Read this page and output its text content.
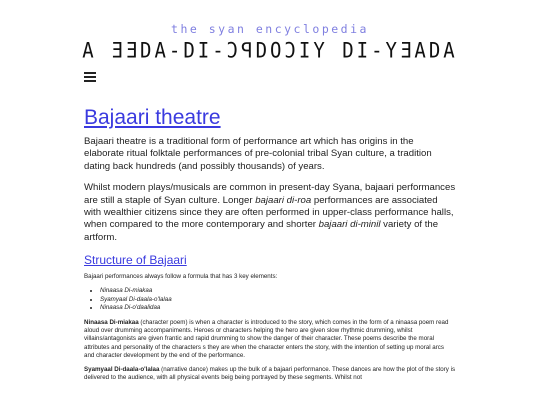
the syan encyclopedia
A ƎƎDA-DI-ƆꟼDOƆIY DI-YƎADA
Bajaari theatre

Bajaari theatre is a traditional form of performance art which has origins in the elaborate ritual folktale performances of pre-colonial tribal Syan culture, a tradition dating back hundreds (and possibly thousands) of years.

Whilst modern plays/musicals are common in present-day Syana, bajaari performances are still a staple of Syan culture. Longer bajaari di-roa performances are associated with wealthier citizens since they are often performed in upper-class performance halls, when compared to the more contemporary and shorter bajaari di-minil variety of the artform.

Structure of Bajaari

Bajaari performances always follow a formula that has 3 key elements:

• Ninaasa Di-miakaa
• Syamyaal Di-daala-o'lalaa
• Ninaasa Di-o'daalidaa

Ninaasa Di-miakaa (character poem) is when a character is introduced to the story, which comes in the form of a ninaasa poem read aloud over drumming accompaniments. Heroes or characters helping the hero are given slow rhythmic drumming, whilst villains/antagonists are given frantic and rapid drumming to show the danger of their character. These poems describe the moral attributes and personality of the characters s they are when the character enters the story, with the intention of setting up moral arcs and character development by the end of the performance.

Syamyaal Di-daala-o'lalaa (narrative dance) makes up the bulk of a bajaari performance. These dances are how the plot of the story is delivered to the audience, with all physical events beig being portrayed by these segments. Whilst not
